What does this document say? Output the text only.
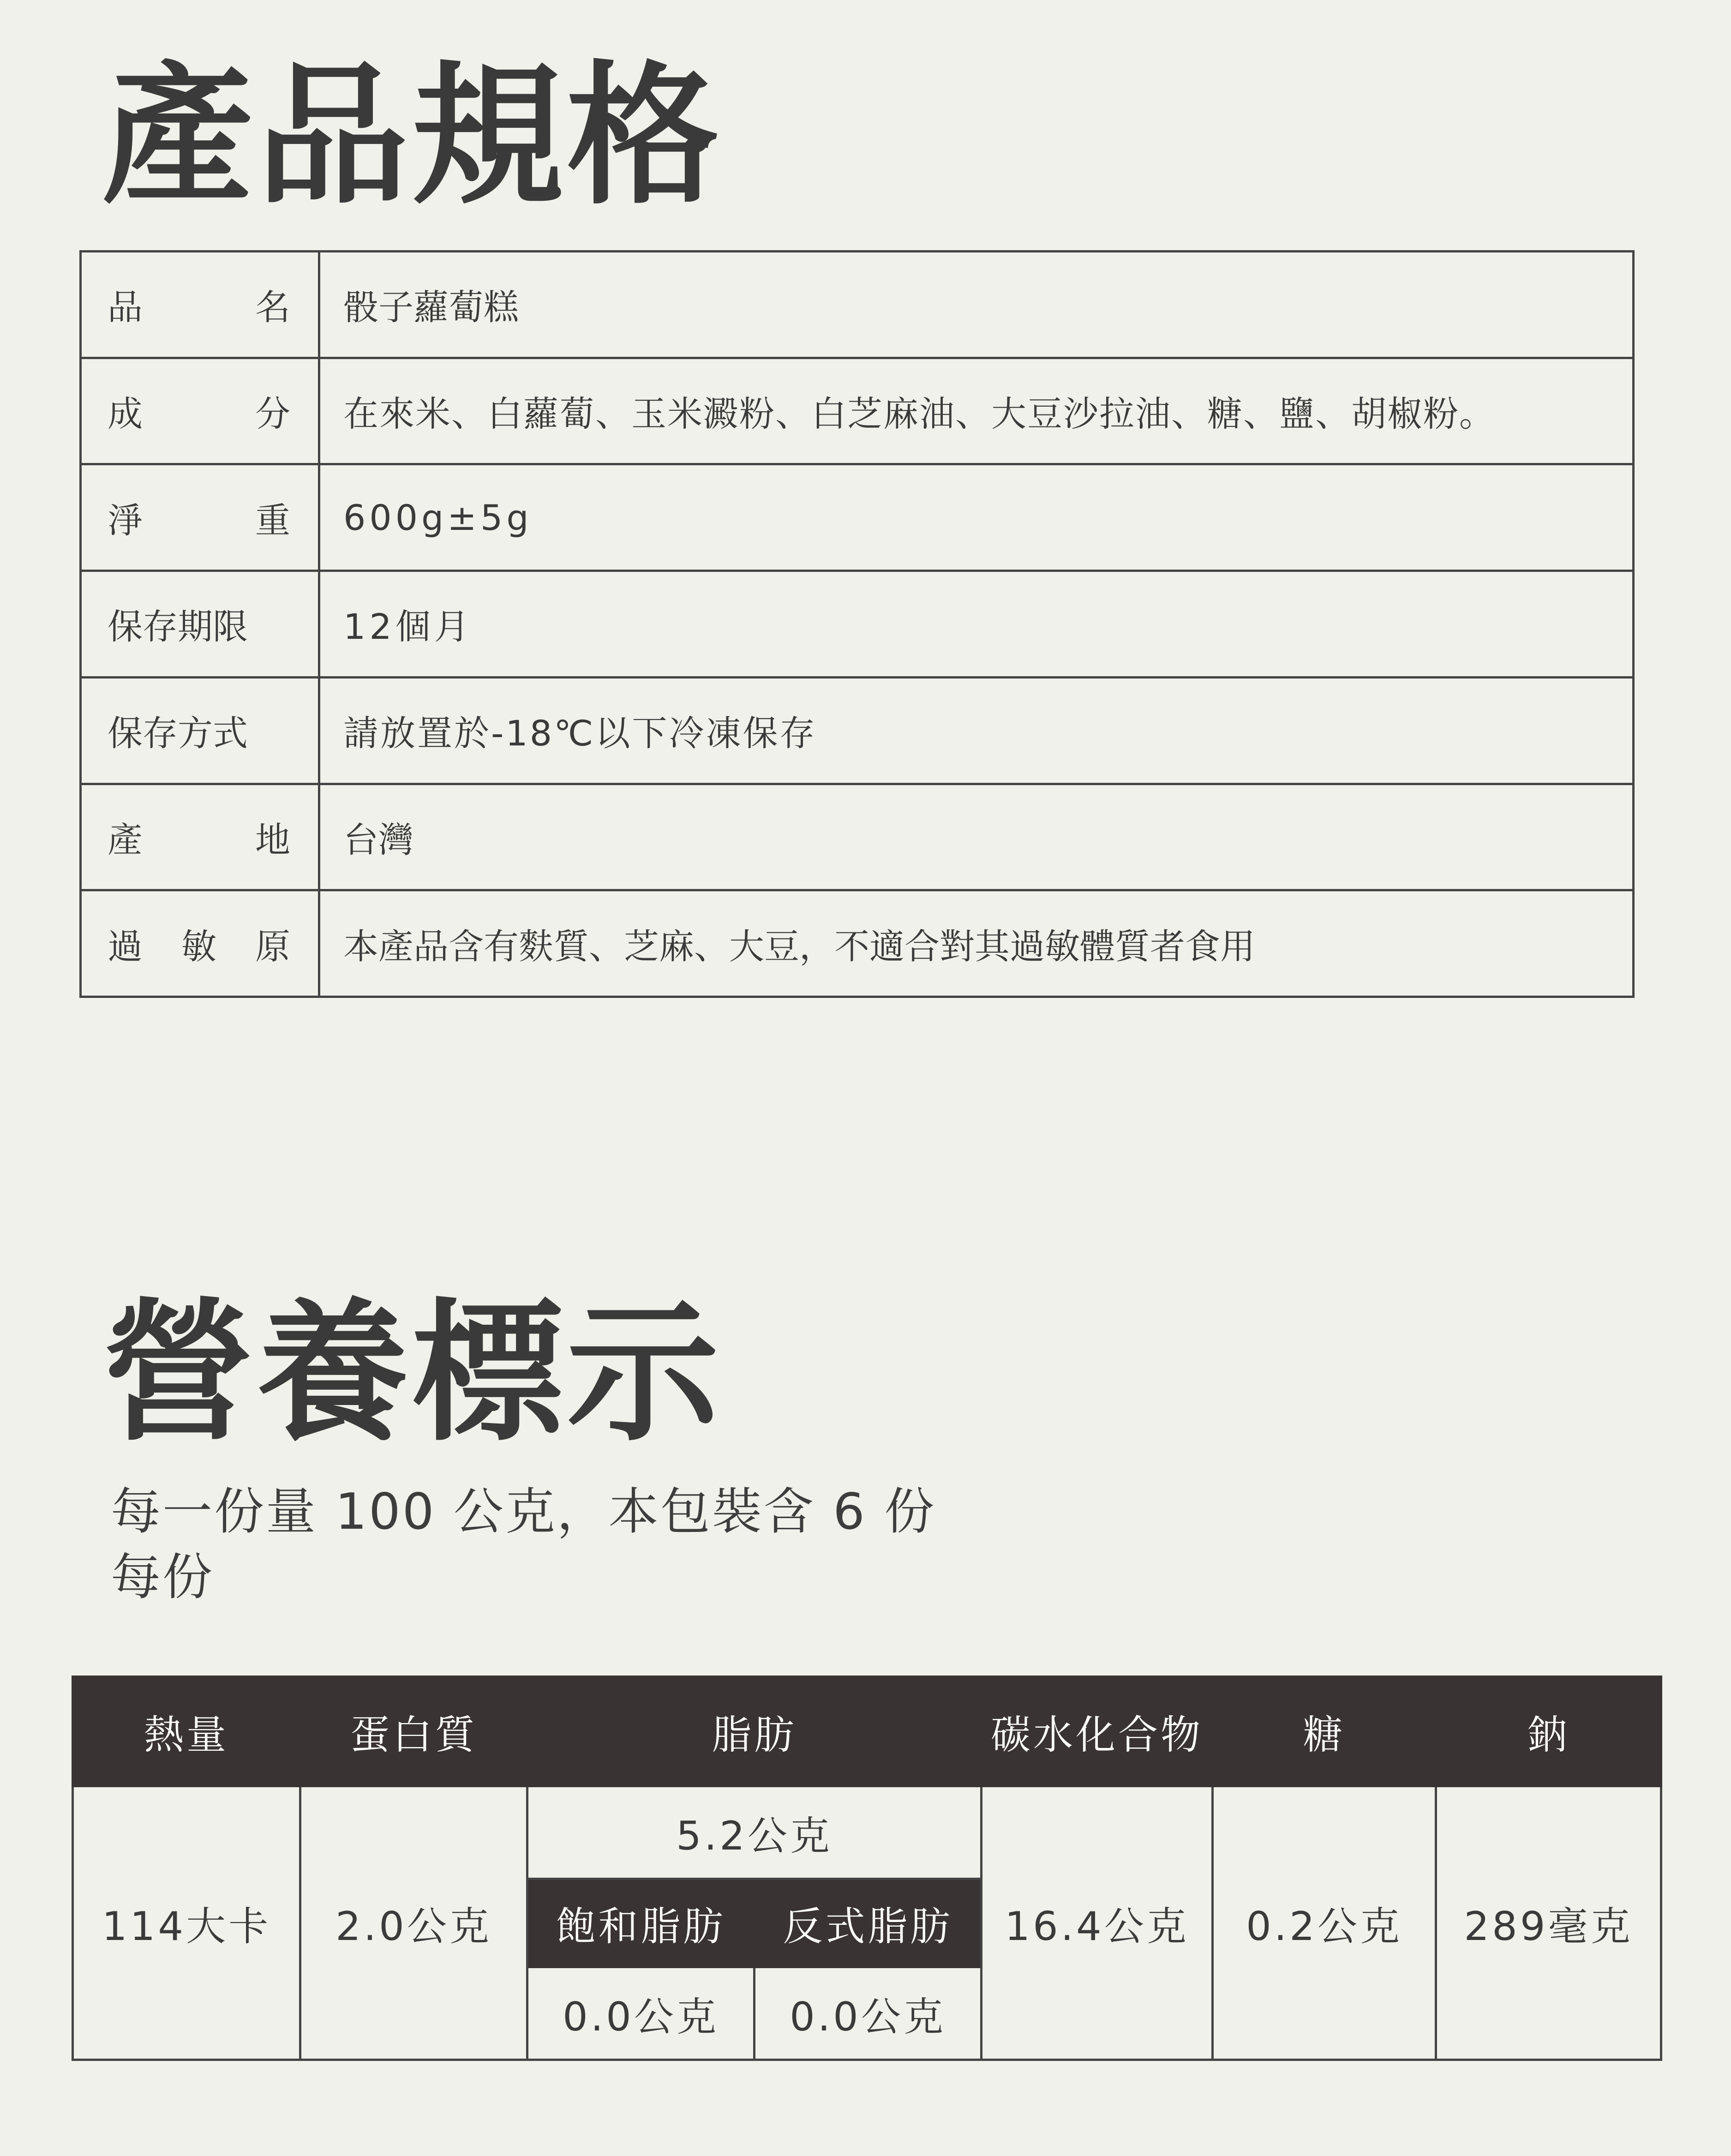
產品規格
品 名	骰子蘿蔔糕

成 分	在來米、白蘿蔔、玉米澱粉、白芝麻油、大豆沙拉油、糖、鹽、胡椒粉。

淨 重	600g±5g
保存期限	12個月
保存方式	請放置於-18℃以下冷凍保存

產 地	台灣

過 敏 原	本產品含有麩質、芝麻、大豆，不適合對其過敏體質者食用
營養標示
每一份量 100 公克，本包裝含 6 份
每份
熱量	蛋白質	脂肪		碳水化合物	糖	鈉
114大卡	2.0公克	5.2公克		16.4公克	0.2公克	289毫克
		飽和脂肪	反式脂肪			
		0.0公克	0.0公克			
